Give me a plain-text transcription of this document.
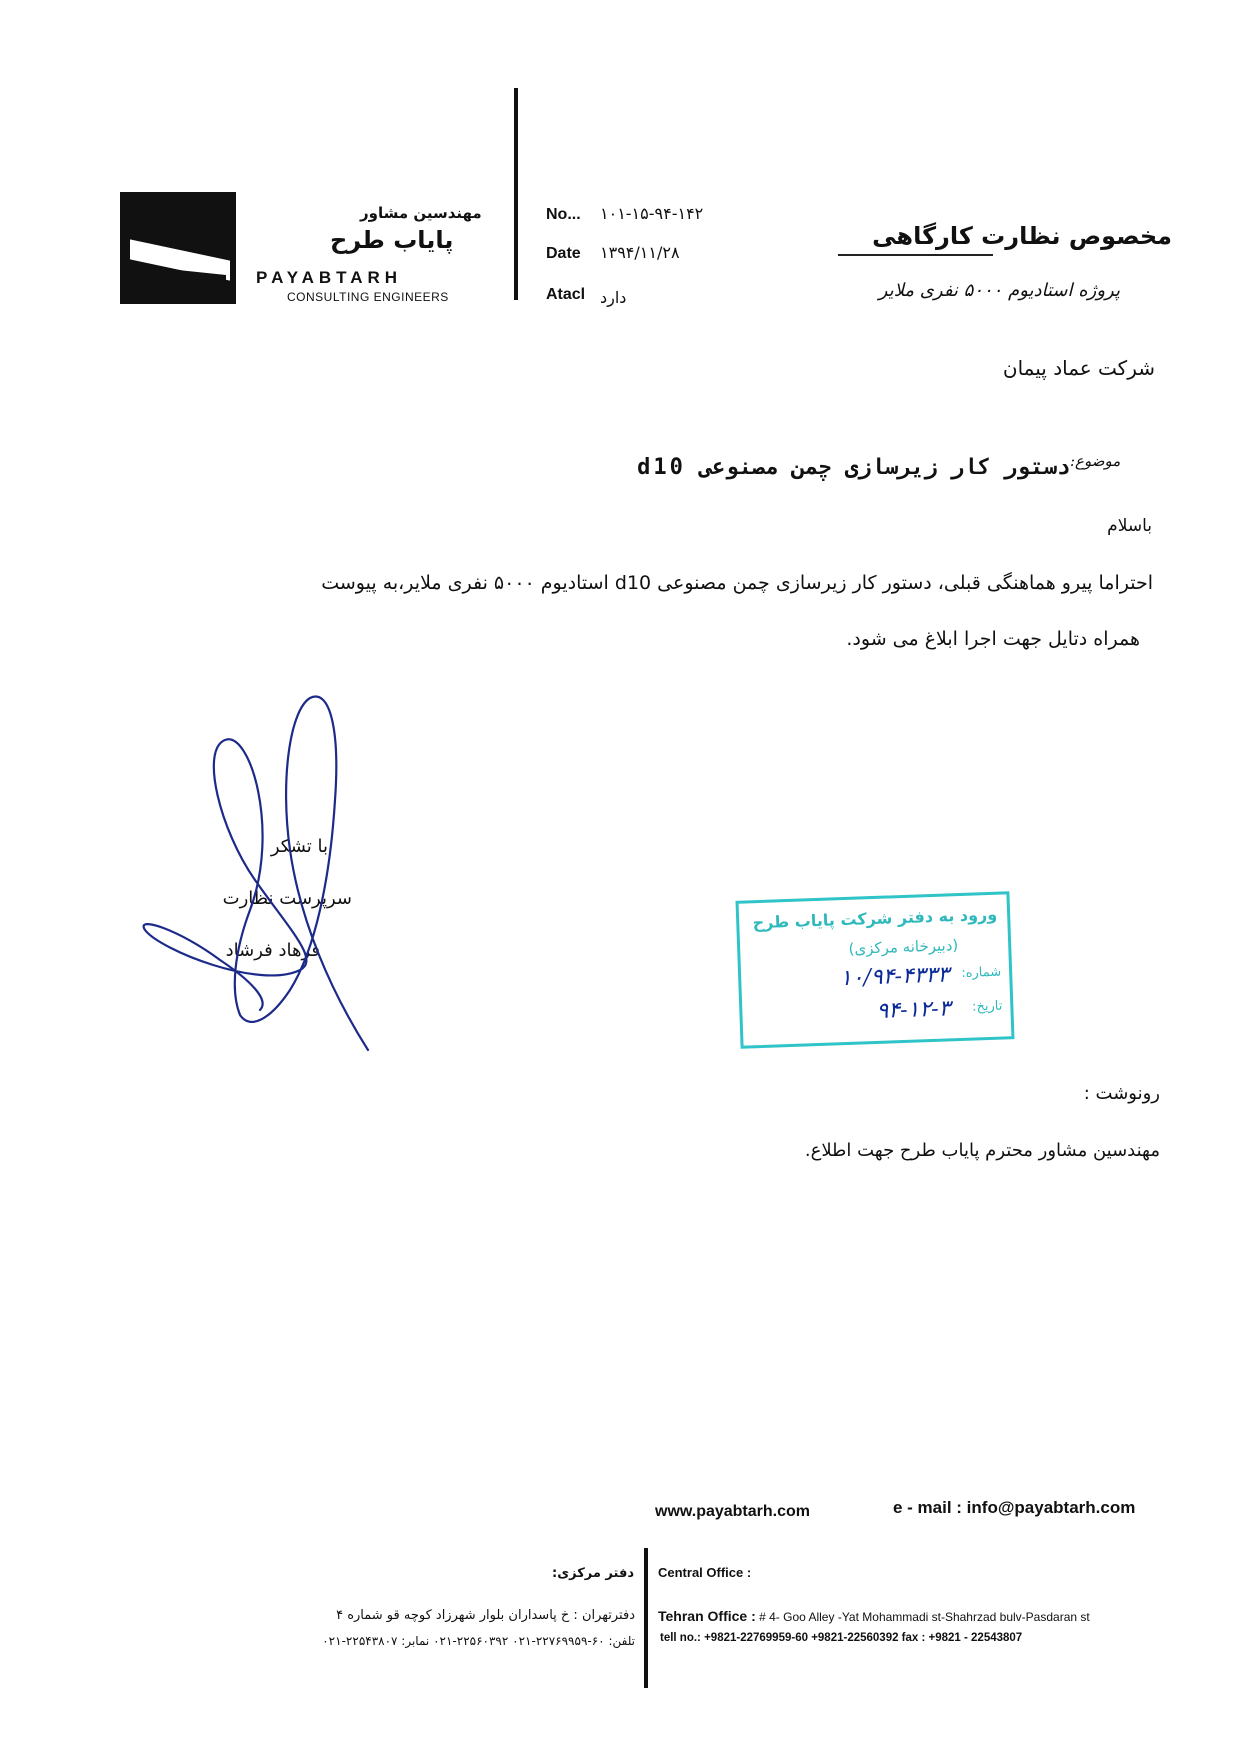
مهندسین مشاور
پایاب طرح
PAYABTARH
CONSULTING ENGINEERS
No... ۱۰۱-۱۵-۹۴-۱۴۲
Date ۱۳۹۴/۱۱/۲۸
Atacl دارد
مخصوص نظارت کارگاهی
پروژه استادیوم ۵۰۰۰ نفری ملایر
شرکت عماد پیمان
موضوع:
دستور کار زیرسازی چمن مصنوعی d10
باسلام
احتراما پیرو هماهنگی قبلی، دستور کار زیرسازی چمن مصنوعی d10 استادیوم ۵۰۰۰ نفری ملایر،به پیوست
همراه دتایل جهت اجرا ابلاغ می شود.
با تشکر
سرپرست نظارت
فرهاد فرشاد
ورود به دفتر شرکت پایاب طرح
(دبیرخانه مرکزی)
شماره:
۱۰/۹۴-۴۳۳۳
تاریخ:
۹۴-۱۲-۳
رونوشت :
مهندسین مشاور محترم پایاب طرح جهت اطلاع.
www.payabtarh.com	e - mail : info@payabtarh.com
دفتر مرکزی: Central Office :
دفترتهران : خ پاسداران بلوار شهرزاد کوچه قو شماره ۴
تلفن: ۶۰-۲۲۷۶۹۹۵۹-۰۲۱ ۲۲۵۶۰۳۹۲-۰۲۱ نمابر: ۲۲۵۴۳۸۰۷-۰۲۱
Tehran Office : # 4- Goo Alley -Yat Mohammadi st-Shahrzad bulv-Pasdaran st
tell no.: +9821-22769959-60 +9821-22560392 fax : +9821 - 22543807
